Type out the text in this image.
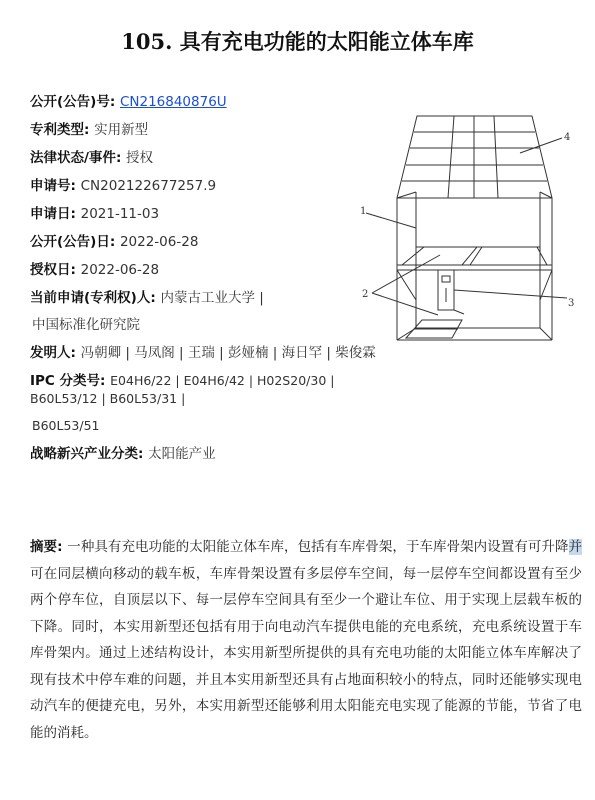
105. 具有充电功能的太阳能立体车库
公开(公告)号: CN216840876U
专利类型: 实用新型
法律状态/事件: 授权
申请号: CN202122677257.9
申请日: 2021-11-03
公开(公告)日: 2022-06-28
授权日: 2022-06-28
当前申请(专利权)人: 内蒙古工业大学 |
中国标准化研究院
发明人: 冯朝卿 | 马凤阁 | 王瑞 | 彭娅楠 | 海日罕 | 柴俊霖
IPC 分类号: E04H6/22 | E04H6/42 | H02S20/30 | B60L53/12 | B60L53/31 |
B60L53/51
战略新兴产业分类: 太阳能产业
1
2
3
4
摘要: 一种具有充电功能的太阳能立体车库，包括有车库骨架，于车库骨架内设置有可升降并可在同层横向移动的载车板，车库骨架设置有多层停车空间，每一层停车空间都设置有至少两个停车位，自顶层以下、每一层停车空间具有至少一个避让车位、用于实现上层载车板的下降。同时，本实用新型还包括有用于向电动汽车提供电能的充电系统，充电系统设置于车库骨架内。通过上述结构设计，本实用新型所提供的具有充电功能的太阳能立体车库解决了现有技术中停车难的问题，并且本实用新型还具有占地面积较小的特点，同时还能够实现电动汽车的便捷充电，另外，本实用新型还能够利用太阳能充电实现了能源的节能，节省了电能的消耗。
